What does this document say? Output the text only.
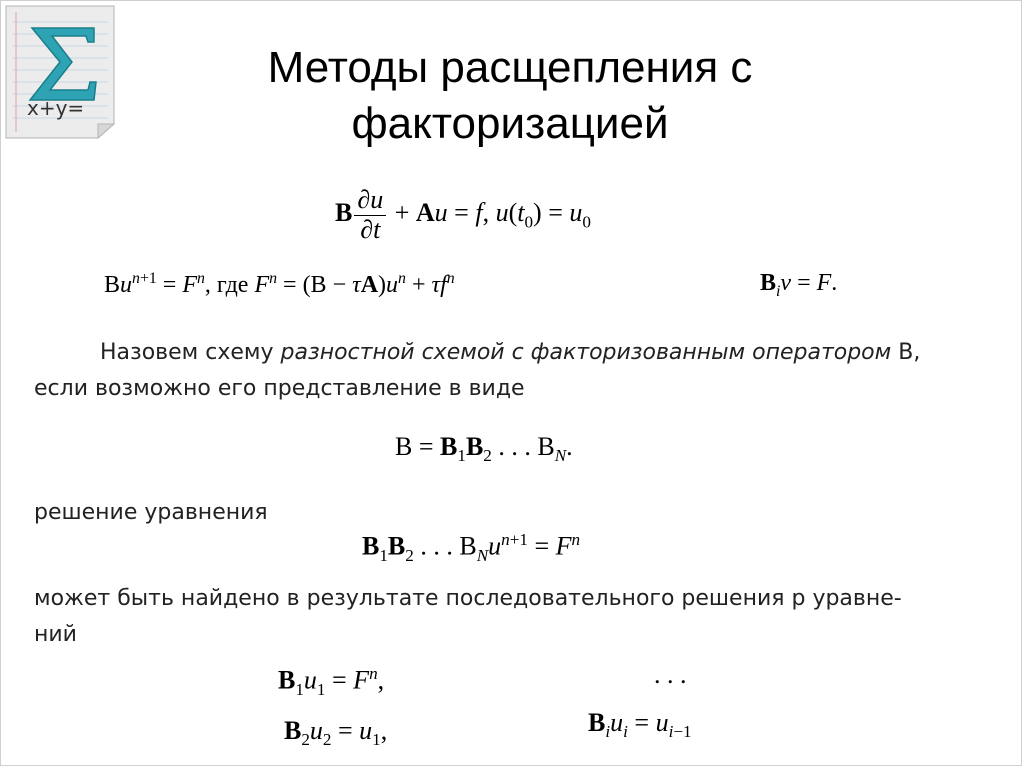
x+y=
Методы расщепления с
факторизацией
B $\frac{\partial u}{\partial t} + Au = f$, $u(t_0) = u_0$
$Bu^{n+1} = F^n$, где $F^n = (B - \tau A)u^n + \tau f^n$	$B_iv = F$.
Назовем схему разностной схемой с факторизованным оператором B,
если возможно его представление в виде
$B = B_1B_2$ . . . $B_N$.
решение уравнения
$B_1B_2$ . . . $B_Nu^{n+1} = F^n$
может быть найдено в результате последовательного решения p уравне-
ний
$B_1u_1 = F^n$,
$B_2u_2 = u_1$,
. . .
$B_iu_i = u_{i-1}$
